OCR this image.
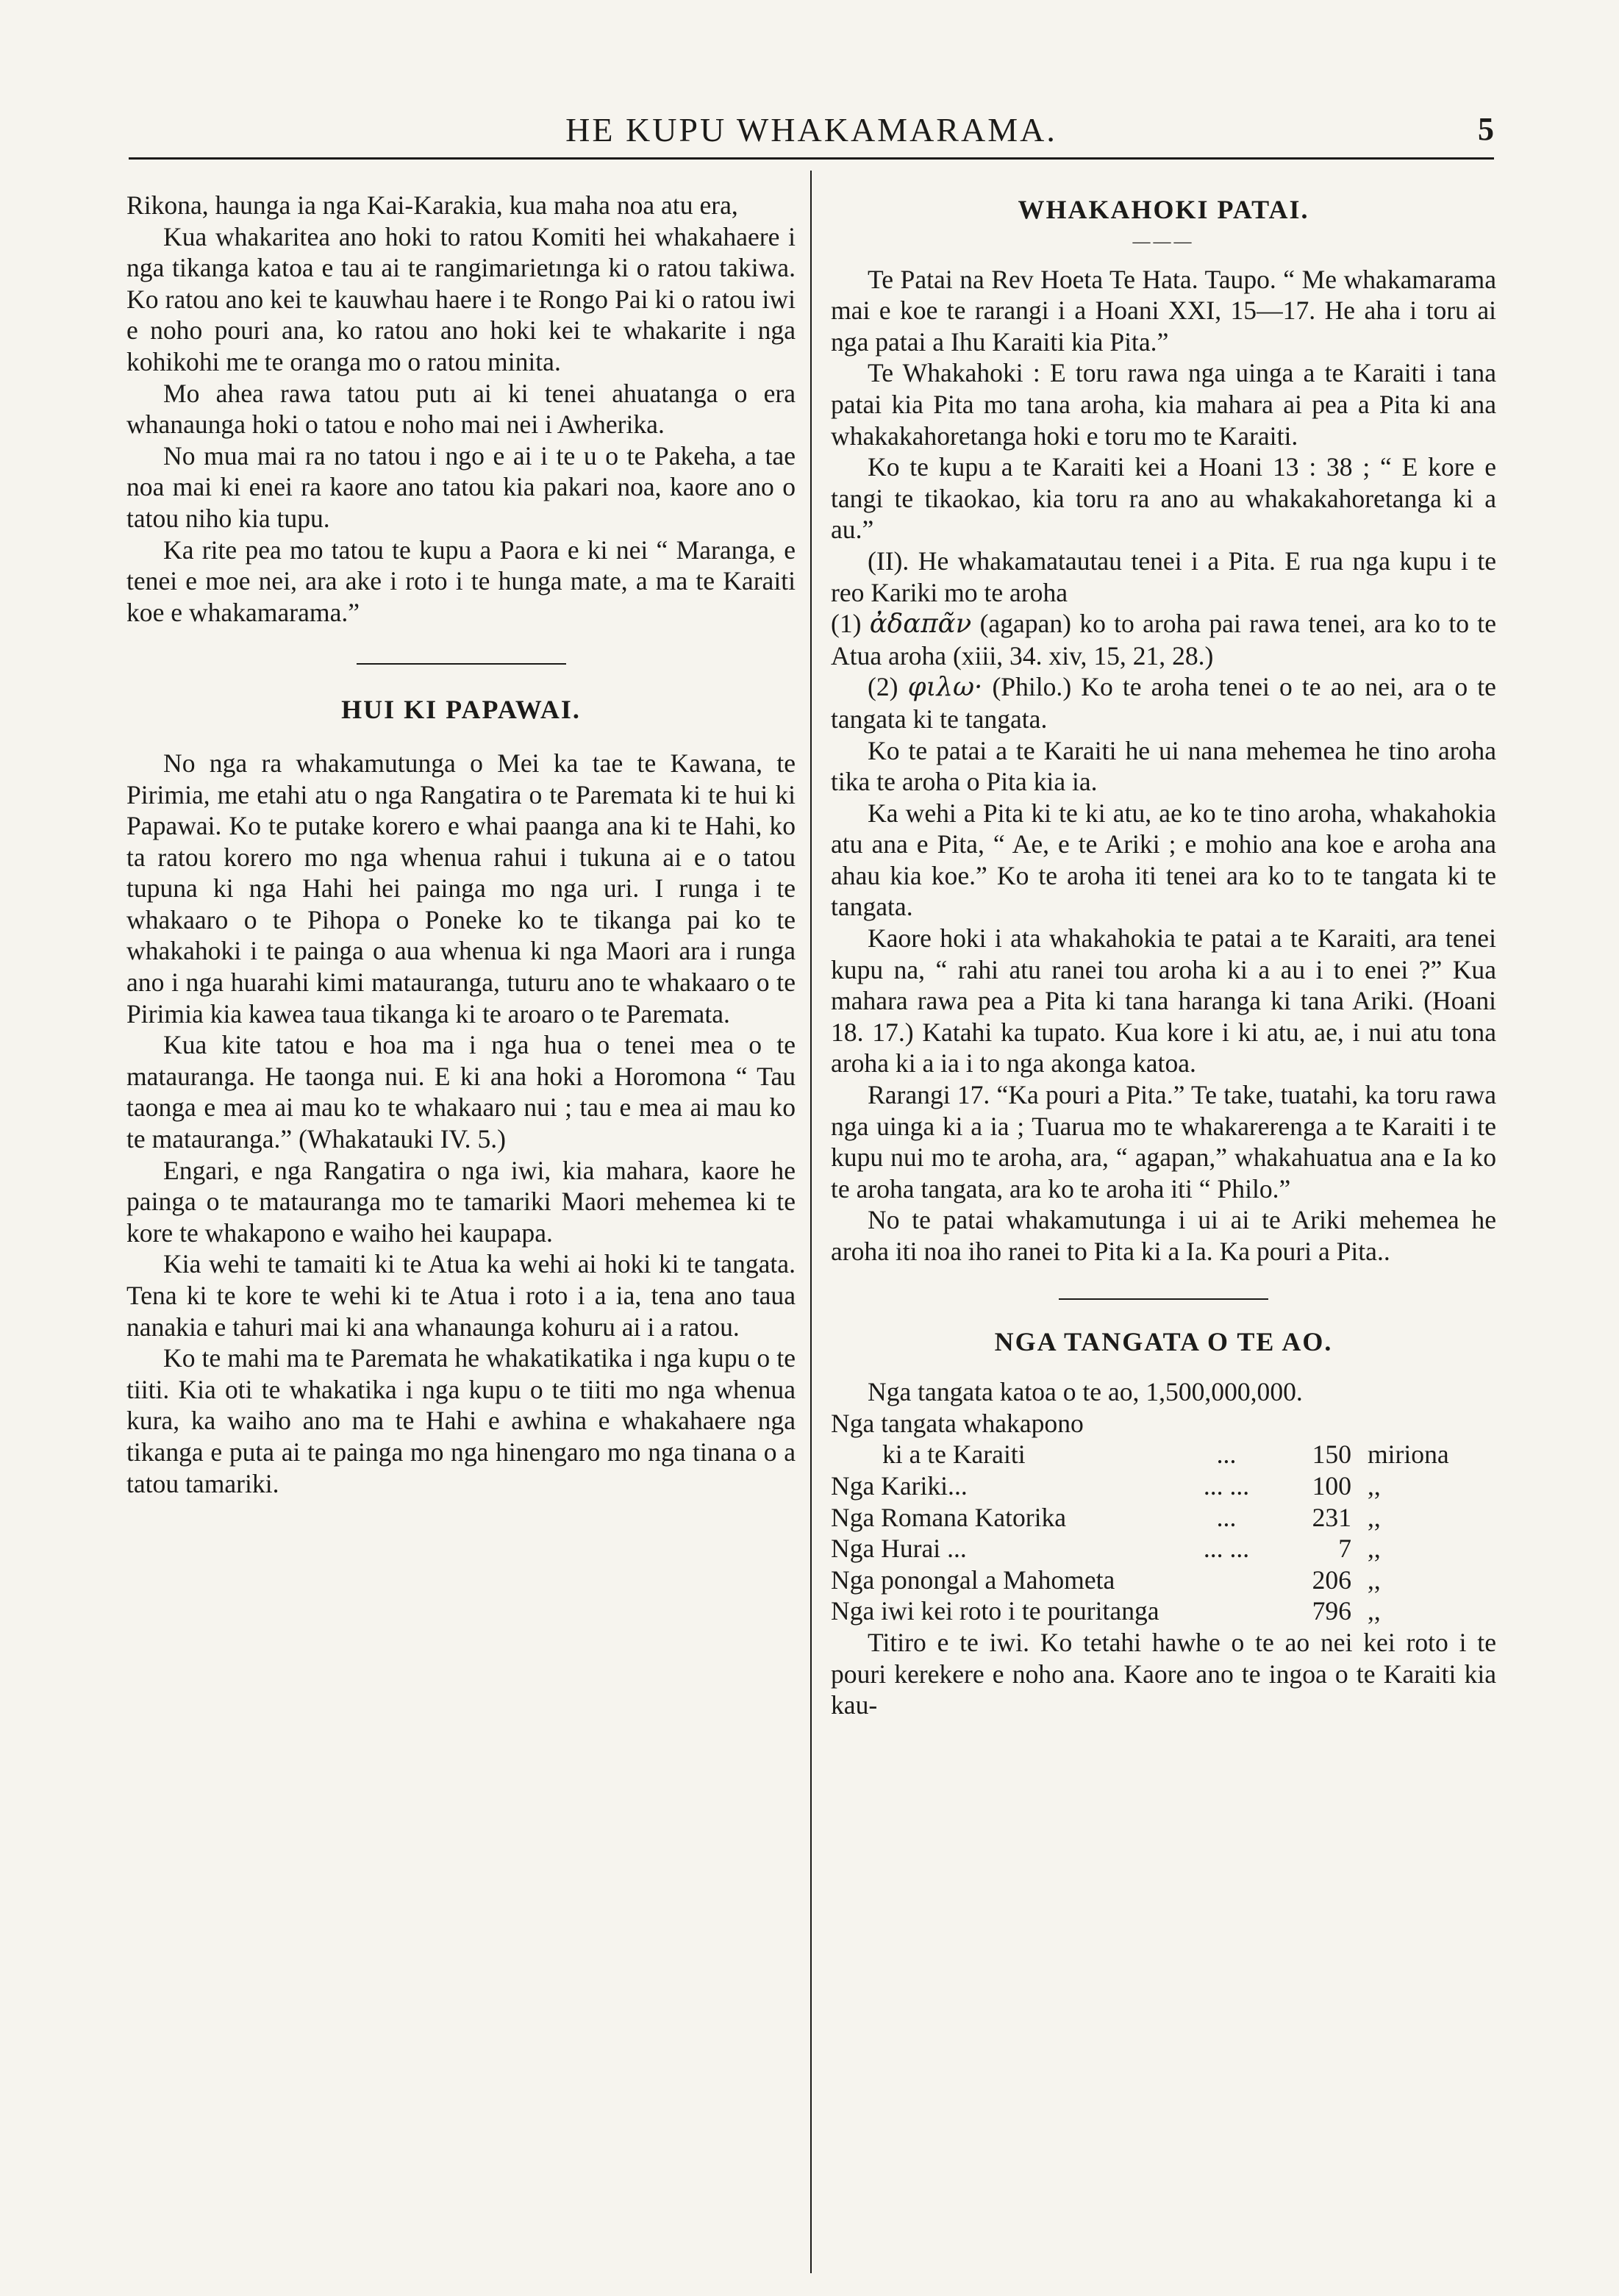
HE KUPU WHAKAMARAMA.	5

Rikona, haunga ia nga Kai-Karakia, kua maha noa atu era,

Kua whakaritea ano hoki to ratou Komiti hei whakahaere i nga tikanga katoa e tau ai te rangimarietınga ki o ratou takiwa. Ko ratou ano kei te kauwhau haere i te Rongo Pai ki o ratou iwi e noho pouri ana, ko ratou ano hoki kei te whakarite i nga kohikohi me te oranga mo o ratou minita.

Mo ahea rawa tatou putı ai ki tenei ahuatanga o era whanaunga hoki o tatou e noho mai nei i Awherika.

No mua mai ra no tatou i ngo e ai i te u o te Pakeha, a tae noa mai ki enei ra kaore ano tatou kia pakari noa, kaore ano o tatou niho kia tupu.

Ka rite pea mo tatou te kupu a Paora e ki nei “ Maranga, e tenei e moe nei, ara ake i roto i te hunga mate, a ma te Karaiti koe e whakamarama.”

HUI KI PAPAWAI.

No nga ra whakamutunga o Mei ka tae te Kawana, te Pirimia, me etahi atu o nga Rangatira o te Paremata ki te hui ki Papawai. Ko te putake korero e whai paanga ana ki te Hahi, ko ta ratou korero mo nga whenua rahui i tukuna ai e o tatou tupuna ki nga Hahi hei painga mo nga uri. I runga i te whakaaro o te Pihopa o Poneke ko te tikanga pai ko te whakahoki i te painga o aua whenua ki nga Maori ara i runga ano i nga huarahi kimi matauranga, tuturu ano te whakaaro o te Pirimia kia kawea taua tikanga ki te aroaro o te Paremata.

Kua kite tatou e hoa ma i nga hua o tenei mea o te matauranga. He taonga nui. E ki ana hoki a Horomona “ Tau taonga e mea ai mau ko te whakaaro nui ; tau e mea ai mau ko te matauranga.” (Whakatauki IV. 5.)

Engari, e nga Rangatira o nga iwi, kia mahara, kaore he painga o te matauranga mo te tamariki Maori mehemea ki te kore te whakapono e waiho hei kaupapa.

Kia wehi te tamaiti ki te Atua ka wehi ai hoki ki te tangata. Tena ki te kore te wehi ki te Atua i roto i a ia, tena ano taua nanakia e tahuri mai ki ana whanaunga kohuru ai i a ratou.

Ko te mahi ma te Paremata he whakatikatika i nga kupu o te tiiti. Kia oti te whakatika i nga kupu o te tiiti mo nga whenua kura, ka waiho ano ma te Hahi e awhina e whakahaere nga tikanga e puta ai te painga mo nga hinengaro mo nga tinana o a tatou tamariki.

WHAKAHOKI PATAI.
———

Te Patai na Rev Hoeta Te Hata. Taupo. “ Me whakamarama mai e koe te rarangi i a Hoani XXI, 15—17. He aha i toru ai nga patai a Ihu Karaiti kia Pita.”

Te Whakahoki : E toru rawa nga uinga a te Karaiti i tana patai kia Pita mo tana aroha, kia mahara ai pea a Pita ki ana whakakahoretanga hoki e toru mo te Karaiti.

Ko te kupu a te Karaiti kei a Hoani 13 : 38 ; “ E kore e tangi te tikaokao, kia toru ra ano au whakakahoretanga ki a au.”

(II). He whakamatautau tenei i a Pita. E rua nga kupu i te reo Kariki mo te aroha

(1) ἀδαπᾶν (agapan) ko to aroha pai rawa tenei, ara ko to te Atua aroha (xiii, 34. xiv, 15, 21, 28.)

(2) φιλω· (Philo.) Ko te aroha tenei o te ao nei, ara o te tangata ki te tangata.

Ko te patai a te Karaiti he ui nana mehemea he tino aroha tika te aroha o Pita kia ia.

Ka wehi a Pita ki te ki atu, ae ko te tino aroha, whakahokia atu ana e Pita, “ Ae, e te Ariki ; e mohio ana koe e aroha ana ahau kia koe.” Ko te aroha iti tenei ara ko to te tangata ki te tangata.

Kaore hoki i ata whakahokia te patai a te Karaiti, ara tenei kupu na, “ rahi atu ranei tou aroha ki a au i to enei ?” Kua mahara rawa pea a Pita ki tana haranga ki tana Ariki. (Hoani 18. 17.) Katahi ka tupato. Kua kore i ki atu, ae, i nui atu tona aroha ki a ia i to nga akonga katoa.

Rarangi 17. “Ka pouri a Pita.” Te take, tuatahi, ka toru rawa nga uinga ki a ia ; Tuarua mo te whakarerenga a te Karaiti i te kupu nui mo te aroha, ara, “ agapan,” whakahuatua ana e Ia ko te aroha tangata, ara ko te aroha iti “ Philo.”

No te patai whakamutunga i ui ai te Ariki mehemea he aroha iti noa iho ranei to Pita ki a Ia. Ka pouri a Pita..

NGA TANGATA O TE AO.

Nga tangata katoa o te ao, 1,500,000,000.

Nga tangata whakapono

ki a te Karaiti	...	150	miriona
Nga Kariki...	... ...	100	,,
Nga Romana Katorika	...	231	,,
Nga Hurai ...	... ...	7	,,
Nga ponongal a Mahometa		206	,,
Nga iwi kei roto i te pouritanga		796	,,

Titiro e te iwi. Ko tetahi hawhe o te ao nei kei roto i te pouri kerekere e noho ana. Kaore ano te ingoa o te Karaiti kia kau-
